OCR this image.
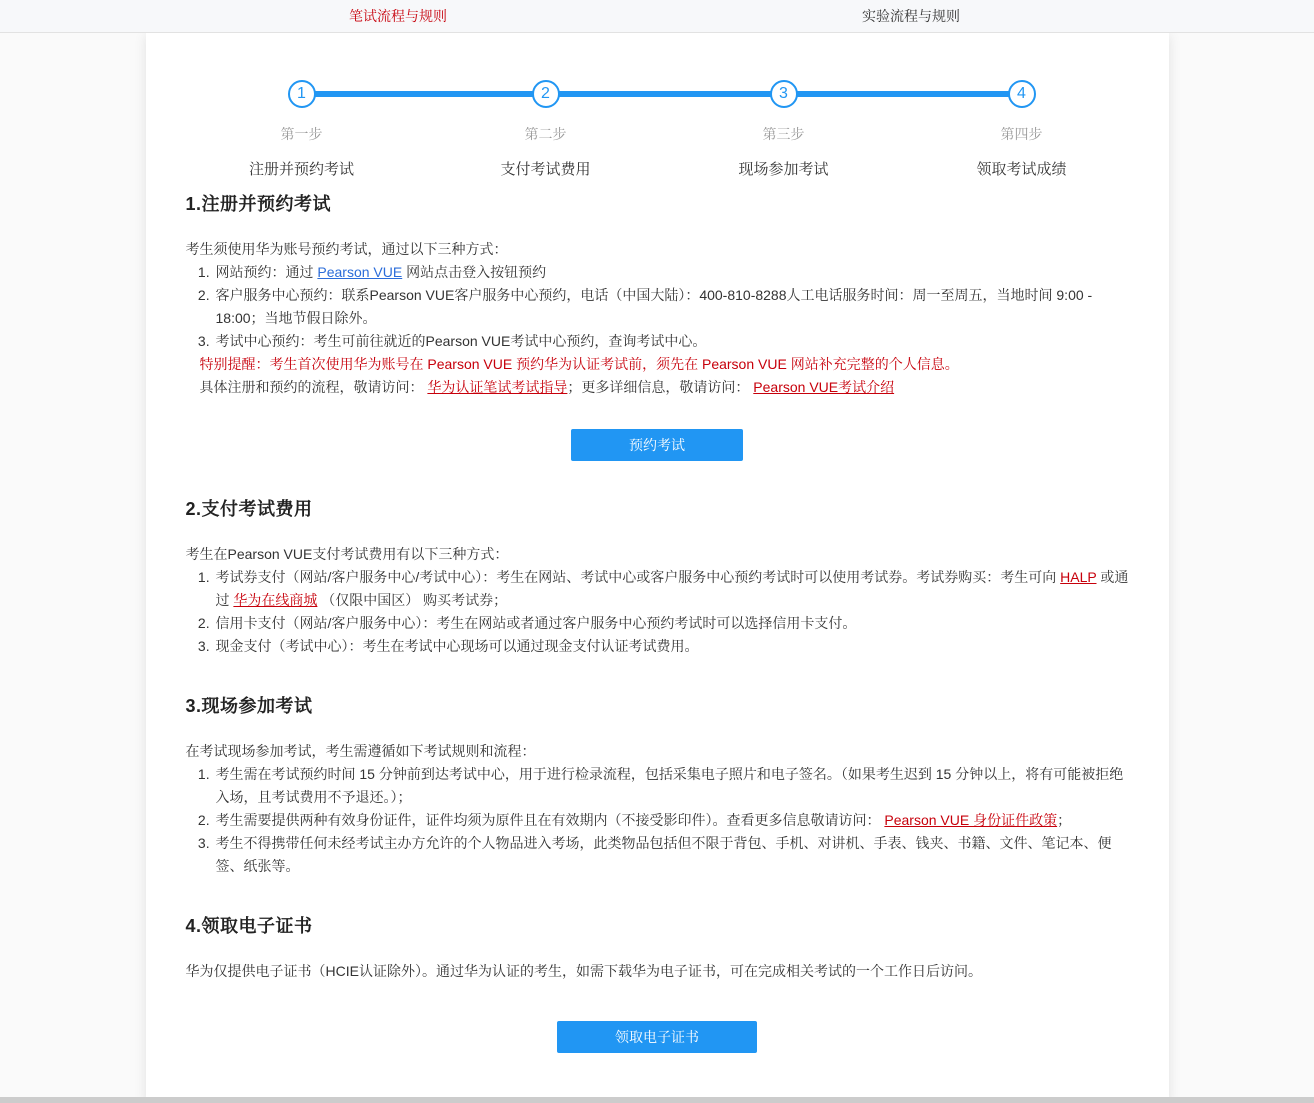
笔试流程与规则	实验流程与规则
1
第一步
注册并预约考试
2
第二步
支付考试费用
3
第三步
现场参加考试
4
第四步
领取考试成绩
1.注册并预约考试

考生须使用华为账号预约考试，通过以下三种方式：

1. 网站预约：通过 Pearson VUE 网站点击登入按钮预约
2. 客户服务中心预约：联系Pearson VUE客户服务中心预约，电话（中国大陆）：400-810-8288人工电话服务时间：周一至周五，当地时间 9:00 - 18:00；当地节假日除外。
3. 考试中心预约：考生可前往就近的Pearson VUE考试中心预约，查询考试中心。
特别提醒：考生首次使用华为账号在 Pearson VUE 预约华为认证考试前，须先在 Pearson VUE 网站补充完整的个人信息。
具体注册和预约的流程，敬请访问： 华为认证笔试考试指导；更多详细信息，敬请访问： Pearson VUE考试介绍
预约考试
2.支付考试费用

考生在Pearson VUE支付考试费用有以下三种方式：

1. 考试券支付（网站/客户服务中心/考试中心）：考生在网站、考试中心或客户服务中心预约考试时可以使用考试券。考试券购买：考生可向 HALP 或通过 华为在线商城 （仅限中国区） 购买考试券；
2. 信用卡支付（网站/客户服务中心）：考生在网站或者通过客户服务中心预约考试时可以选择信用卡支付。
3. 现金支付（考试中心）：考生在考试中心现场可以通过现金支付认证考试费用。
3.现场参加考试

在考试现场参加考试，考生需遵循如下考试规则和流程：

1. 考生需在考试预约时间 15 分钟前到达考试中心，用于进行检录流程，包括采集电子照片和电子签名。（如果考生迟到 15 分钟以上，将有可能被拒绝入场，且考试费用不予退还。）；
2. 考生需要提供两种有效身份证件，证件均须为原件且在有效期内（不接受影印件）。查看更多信息敬请访问： Pearson VUE 身份证件政策；
3. 考生不得携带任何未经考试主办方允许的个人物品进入考场，此类物品包括但不限于背包、手机、对讲机、手表、钱夹、书籍、文件、笔记本、便签、纸张等。
4.领取电子证书

华为仅提供电子证书（HCIE认证除外）。通过华为认证的考生，如需下载华为电子证书，可在完成相关考试的一个工作日后访问。

领取电子证书
